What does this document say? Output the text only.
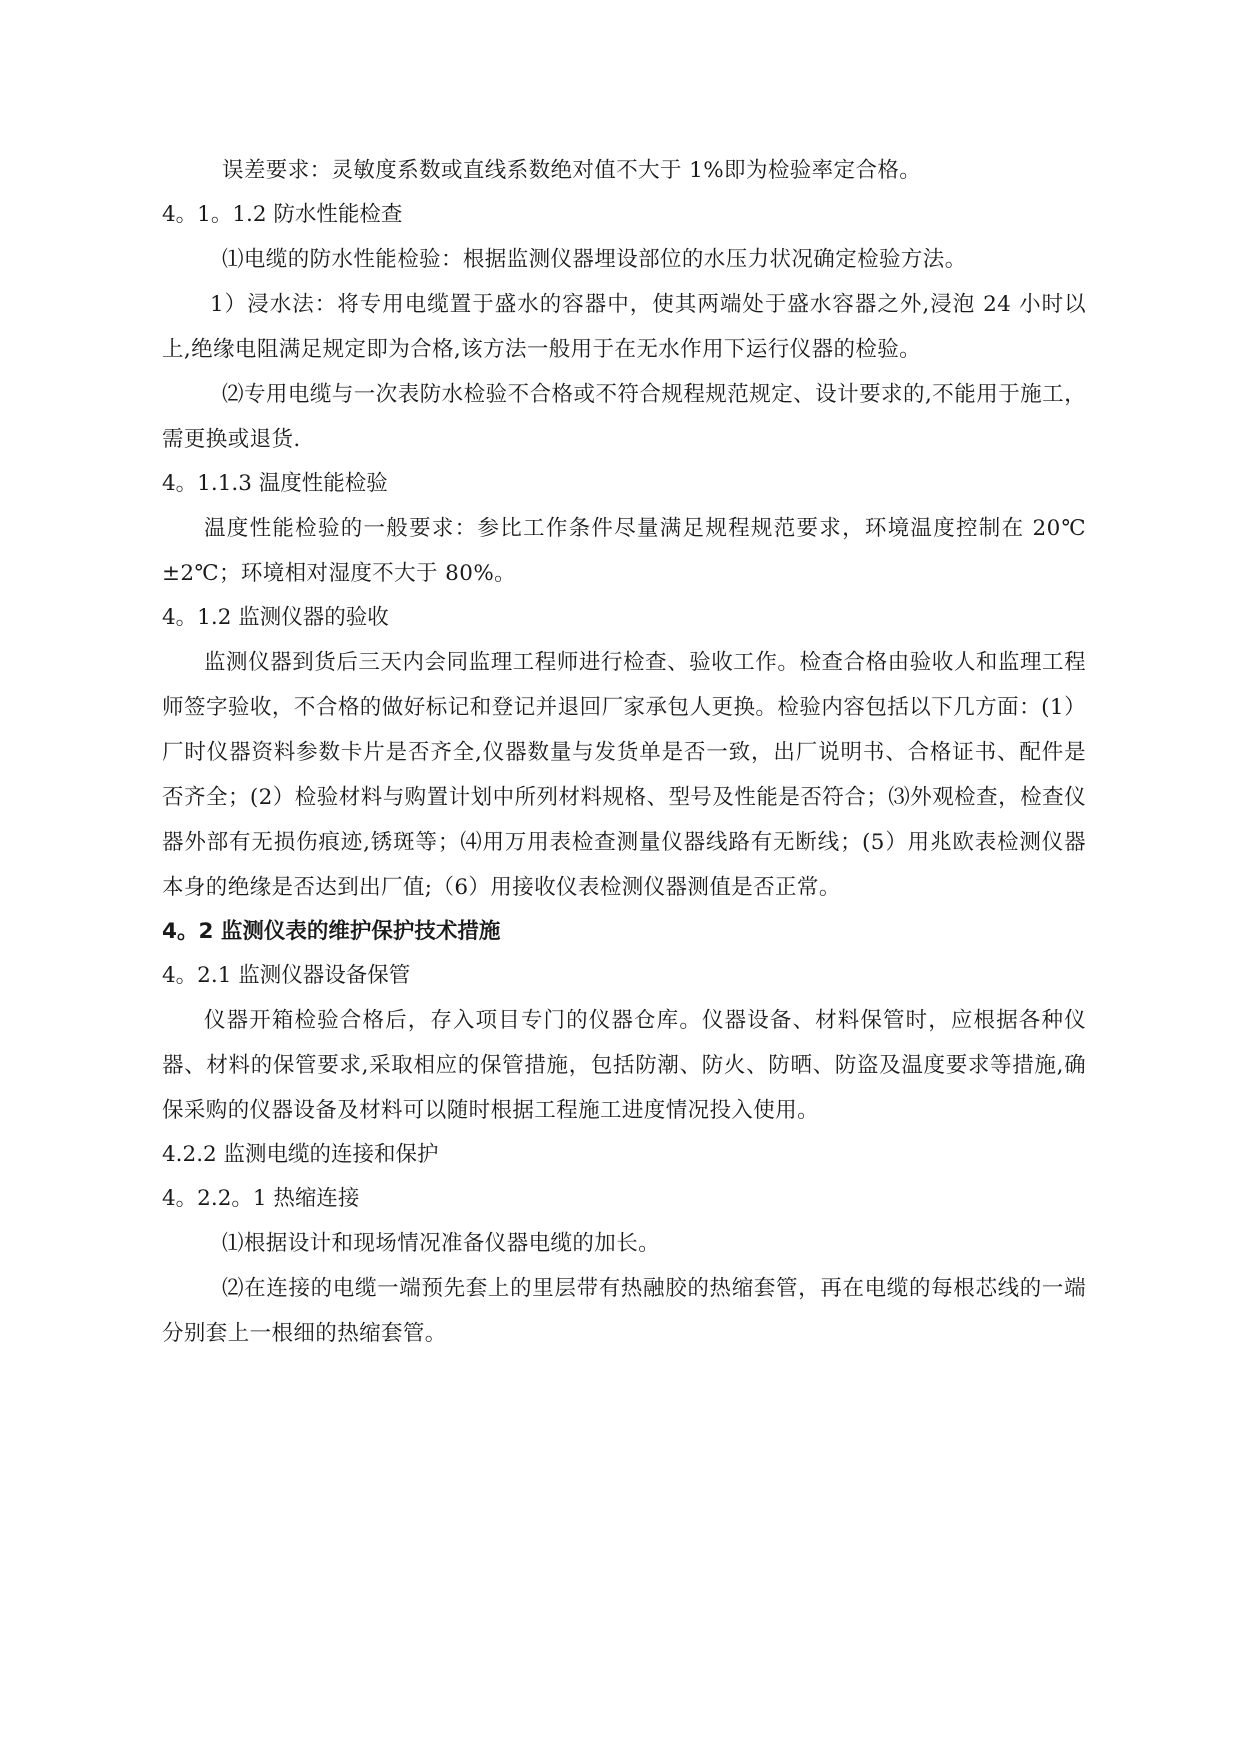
误差要求：灵敏度系数或直线系数绝对值不大于 1%即为检验率定合格。
4。1。1.2 防水性能检查
⑴电缆的防水性能检验：根据监测仪器埋设部位的水压力状况确定检验方法。
1）浸水法：将专用电缆置于盛水的容器中，使其两端处于盛水容器之外,浸泡 24 小时以上,绝缘电阻满足规定即为合格,该方法一般用于在无水作用下运行仪器的检验。
⑵专用电缆与一次表防水检验不合格或不符合规程规范规定、设计要求的,不能用于施工，需更换或退货.
4。1.1.3 温度性能检验
温度性能检验的一般要求：参比工作条件尽量满足规程规范要求，环境温度控制在 20℃±2℃；环境相对湿度不大于 80%。
4。1.2 监测仪器的验收
监测仪器到货后三天内会同监理工程师进行检查、验收工作。检查合格由验收人和监理工程师签字验收，不合格的做好标记和登记并退回厂家承包人更换。检验内容包括以下几方面：(1）厂时仪器资料参数卡片是否齐全,仪器数量与发货单是否一致，出厂说明书、合格证书、配件是否齐全；(2）检验材料与购置计划中所列材料规格、型号及性能是否符合；⑶外观检查，检查仪器外部有无损伤痕迹,锈斑等；⑷用万用表检查测量仪器线路有无断线；(5）用兆欧表检测仪器本身的绝缘是否达到出厂值;（6）用接收仪表检测仪器测值是否正常。
4。2 监测仪表的维护保护技术措施
4。2.1 监测仪器设备保管
仪器开箱检验合格后，存入项目专门的仪器仓库。仪器设备、材料保管时，应根据各种仪器、材料的保管要求,采取相应的保管措施，包括防潮、防火、防晒、防盗及温度要求等措施,确保采购的仪器设备及材料可以随时根据工程施工进度情况投入使用。
4.2.2 监测电缆的连接和保护
4。2.2。1 热缩连接
⑴根据设计和现场情况准备仪器电缆的加长。
⑵在连接的电缆一端预先套上的里层带有热融胶的热缩套管，再在电缆的每根芯线的一端分别套上一根细的热缩套管。
